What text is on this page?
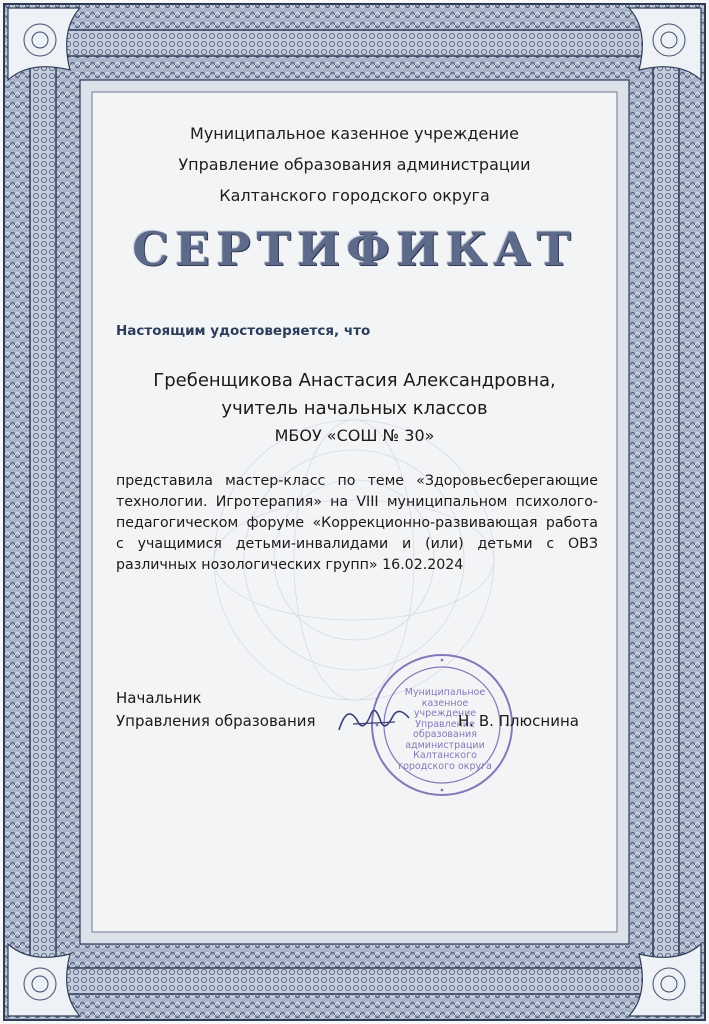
Муниципальное казенное учреждение
Управление образования администрации
Калтанского городского округа
СЕРТИФИКАТ
Настоящим удостоверяется, что
Гребенщикова Анастасия Александровна,
учитель начальных классов
МБОУ «СОШ № 30»
представила мастер-класс по теме «Здоровьесберегающие технологии. Игротерапия» на VIII муниципальном психолого-педагогическом форуме «Коррекционно-развивающая работа с учащимися детьми-инвалидами и (или) детьми с ОВЗ различных нозологических групп» 16.02.2024
Начальник
Управления образования
Муниципальное казенное учреждение Управление образования администрации Калтанского городского округа
Н. В. Плюснина
